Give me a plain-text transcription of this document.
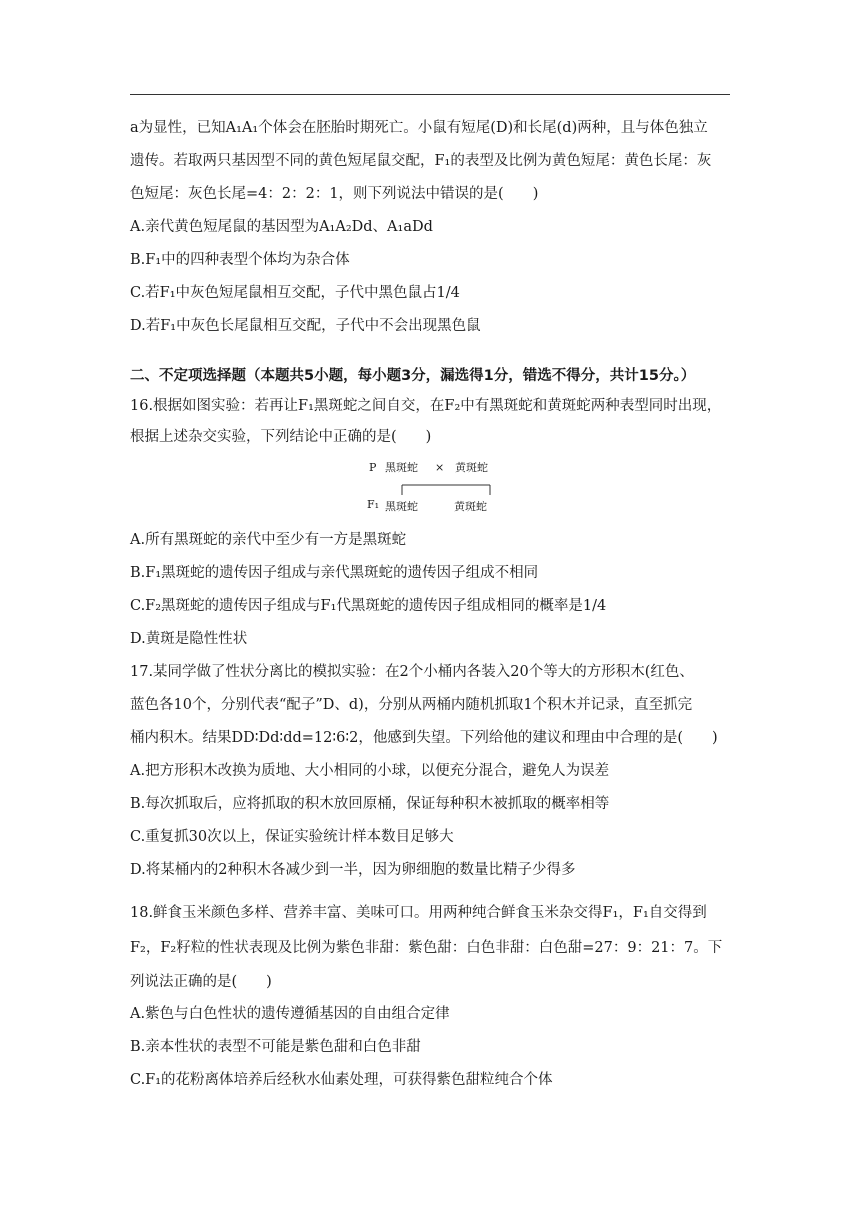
a为显性，已知A₁A₁个体会在胚胎时期死亡。小鼠有短尾(D)和长尾(d)两种，且与体色独立
遗传。若取两只基因型不同的黄色短尾鼠交配，F₁的表型及比例为黄色短尾：黄色长尾：灰
色短尾：灰色长尾=4：2：2：1，则下列说法中错误的是(　　)
A.亲代黄色短尾鼠的基因型为A₁A₂Dd、A₁aDd
B.F₁中的四种表型个体均为杂合体
C.若F₁中灰色短尾鼠相互交配，子代中黑色鼠占1/4
D.若F₁中灰色长尾鼠相互交配，子代中不会出现黑色鼠
二、不定项选择题（本题共5小题，每小题3分，漏选得1分，错选不得分，共计15分。）
16.根据如图实验：若再让F₁黑斑蛇之间自交，在F₂中有黑斑蛇和黄斑蛇两种表型同时出现，
根据上述杂交实验，下列结论中正确的是(　　)
P 黑斑蛇 × 黄斑蛇
F₁ 黑斑蛇	黄斑蛇
A.所有黑斑蛇的亲代中至少有一方是黑斑蛇
B.F₁黑斑蛇的遗传因子组成与亲代黑斑蛇的遗传因子组成不相同
C.F₂黑斑蛇的遗传因子组成与F₁代黑斑蛇的遗传因子组成相同的概率是1/4
D.黄斑是隐性性状
17.某同学做了性状分离比的模拟实验：在2个小桶内各装入20个等大的方形积木(红色、
蓝色各10个，分别代表“配子”D、d)，分别从两桶内随机抓取1个积木并记录，直至抓完
桶内积木。结果DD∶Dd∶dd=12∶6∶2，他感到失望。下列给他的建议和理由中合理的是(　　)
A.把方形积木改换为质地、大小相同的小球，以便充分混合，避免人为误差
B.每次抓取后，应将抓取的积木放回原桶，保证每种积木被抓取的概率相等
C.重复抓30次以上，保证实验统计样本数目足够大
D.将某桶内的2种积木各减少到一半，因为卵细胞的数量比精子少得多
18.鲜食玉米颜色多样、营养丰富、美味可口。用两种纯合鲜食玉米杂交得F₁，F₁自交得到
F₂，F₂籽粒的性状表现及比例为紫色非甜：紫色甜：白色非甜：白色甜=27：9：21：7。下
列说法正确的是(　　)
A.紫色与白色性状的遗传遵循基因的自由组合定律
B.亲本性状的表型不可能是紫色甜和白色非甜
C.F₁的花粉离体培养后经秋水仙素处理，可获得紫色甜粒纯合个体
